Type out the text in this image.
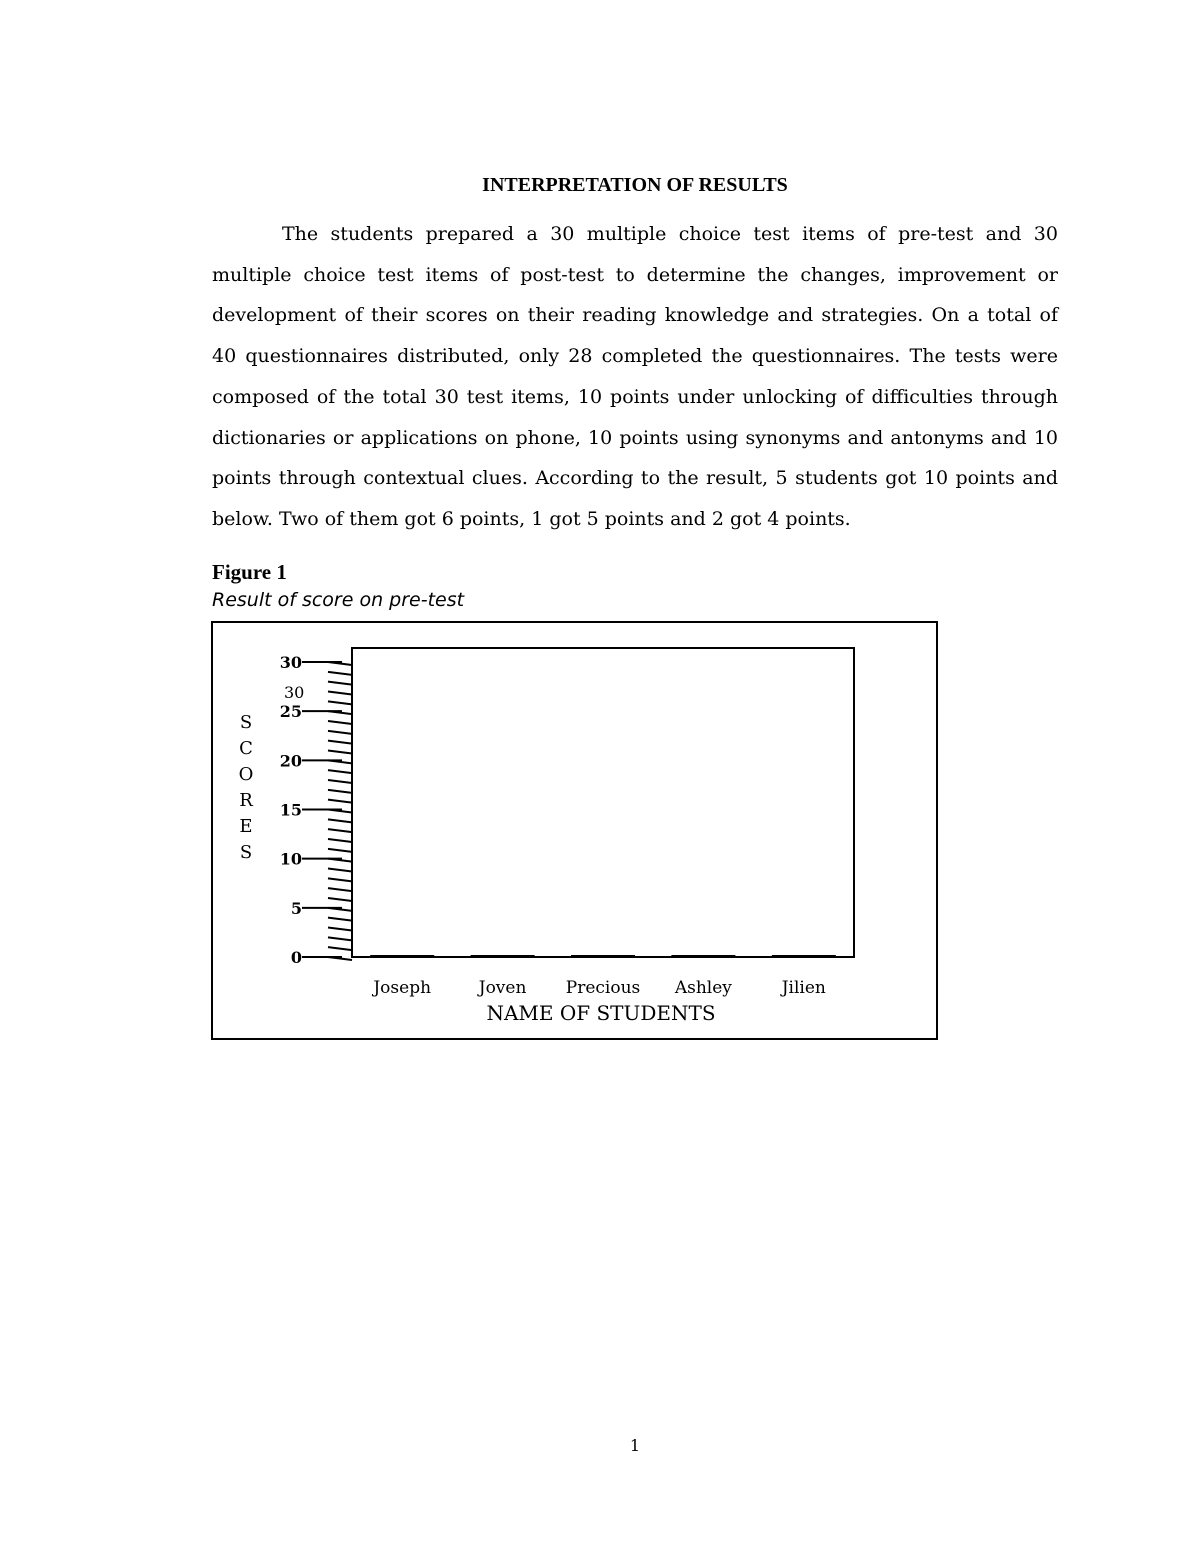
INTERPRETATION OF RESULTS

The students prepared a 30 multiple choice test items of pre-test and 30 multiple choice test items of post-test to determine the changes, improvement or development of their scores on their reading knowledge and strategies. On a total of 40 questionnaires distributed, only 28 completed the questionnaires. The tests were composed of the total 30 test items, 10 points under unlocking of difficulties through dictionaries or applications on phone, 10 points using synonyms and antonyms and 10 points through contextual clues. According to the result, 5 students got 10 points and below. Two of them got 6 points, 1 got 5 points and 2 got 4 points.

Figure 1
Result of score on pre-test
S
C
O
R
E
S
0
5
10
15
20
25
30
30
Joseph	Joven Precious Ashley	Jilien
NAME OF STUDENTS
1
